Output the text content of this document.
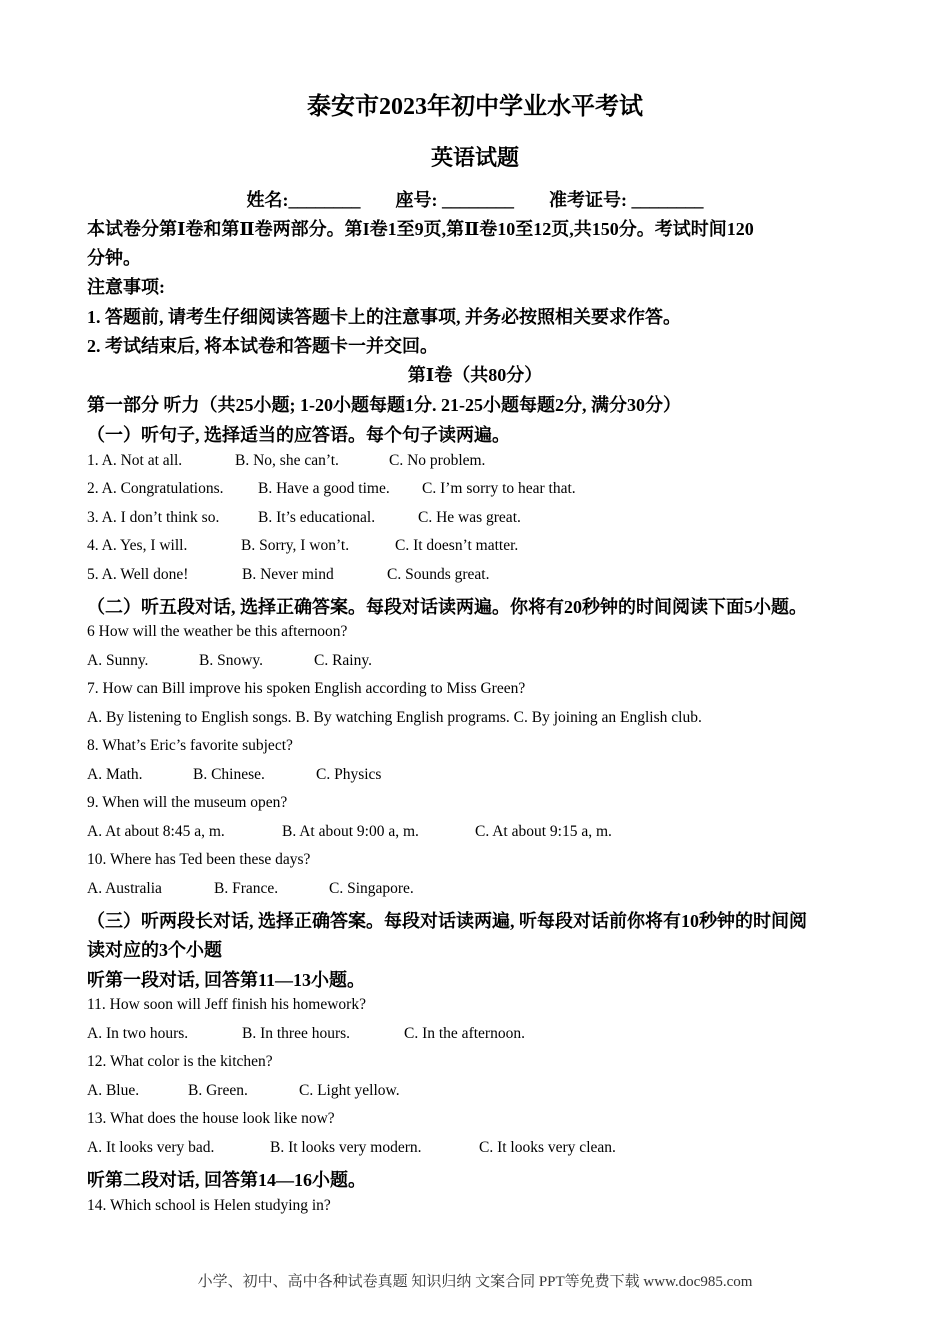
泰安市2023年初中学业水平考试
英语试题
姓名:________ 座号: ________ 准考证号: ________
本试卷分第Ⅰ卷和第Ⅱ卷两部分。第I卷1至9页,第Ⅱ卷10至12页,共150分。考试时间120
分钟。
注意事项:
1. 答题前, 请考生仔细阅读答题卡上的注意事项, 并务必按照相关要求作答。
2. 考试结束后, 将本试卷和答题卡一并交回。
第Ⅰ卷（共80分）
第一部分 听力（共25小题; 1-20小题每题1分. 21-25小题每题2分, 满分30分）
（一）听句子, 选择适当的应答语。每个句子读两遍。
1. A. Not at all.	B. No, she can’t.	C. No problem.
2. A. Congratulations. B. Have a good time. C. I’m sorry to hear that.
3. A. I don’t think so. B. It’s educational.	C. He was great.
4. A. Yes, I will.	B. Sorry, I won’t.	C. It doesn’t matter.
5. A. Well done!	B. Never mind	C. Sounds great.
（二）听五段对话, 选择正确答案。每段对话读两遍。你将有20秒钟的时间阅读下面5小题。
6 How will the weather be this afternoon?
A. Sunny.	B. Snowy.	C. Rainy.
7. How can Bill improve his spoken English according to Miss Green?
A. By listening to English songs. B. By watching English programs. C. By joining an English club.
8. What’s Eric’s favorite subject?
A. Math.	B. Chinese.	C. Physics
9. When will the museum open?
A. At about 8:45 a, m.	B. At about 9:00 a, m.	C. At about 9:15 a, m.
10. Where has Ted been these days?
A. Australia	B. France.	C. Singapore.
（三）听两段长对话, 选择正确答案。每段对话读两遍, 听每段对话前你将有10秒钟的时间阅
读对应的3个小题
听第一段对话, 回答第11—13小题。
11. How soon will Jeff finish his homework?
A. In two hours.	B. In three hours.	C. In the afternoon.
12. What color is the kitchen?
A. Blue.	B. Green.	C. Light yellow.
13. What does the house look like now?
A. It looks very bad.	B. It looks very modern.	C. It looks very clean.
听第二段对话, 回答第14—16小题。
14. Which school is Helen studying in?
小学、初中、高中各种试卷真题 知识归纳 文案合同 PPT等免费下载 www.doc985.com
